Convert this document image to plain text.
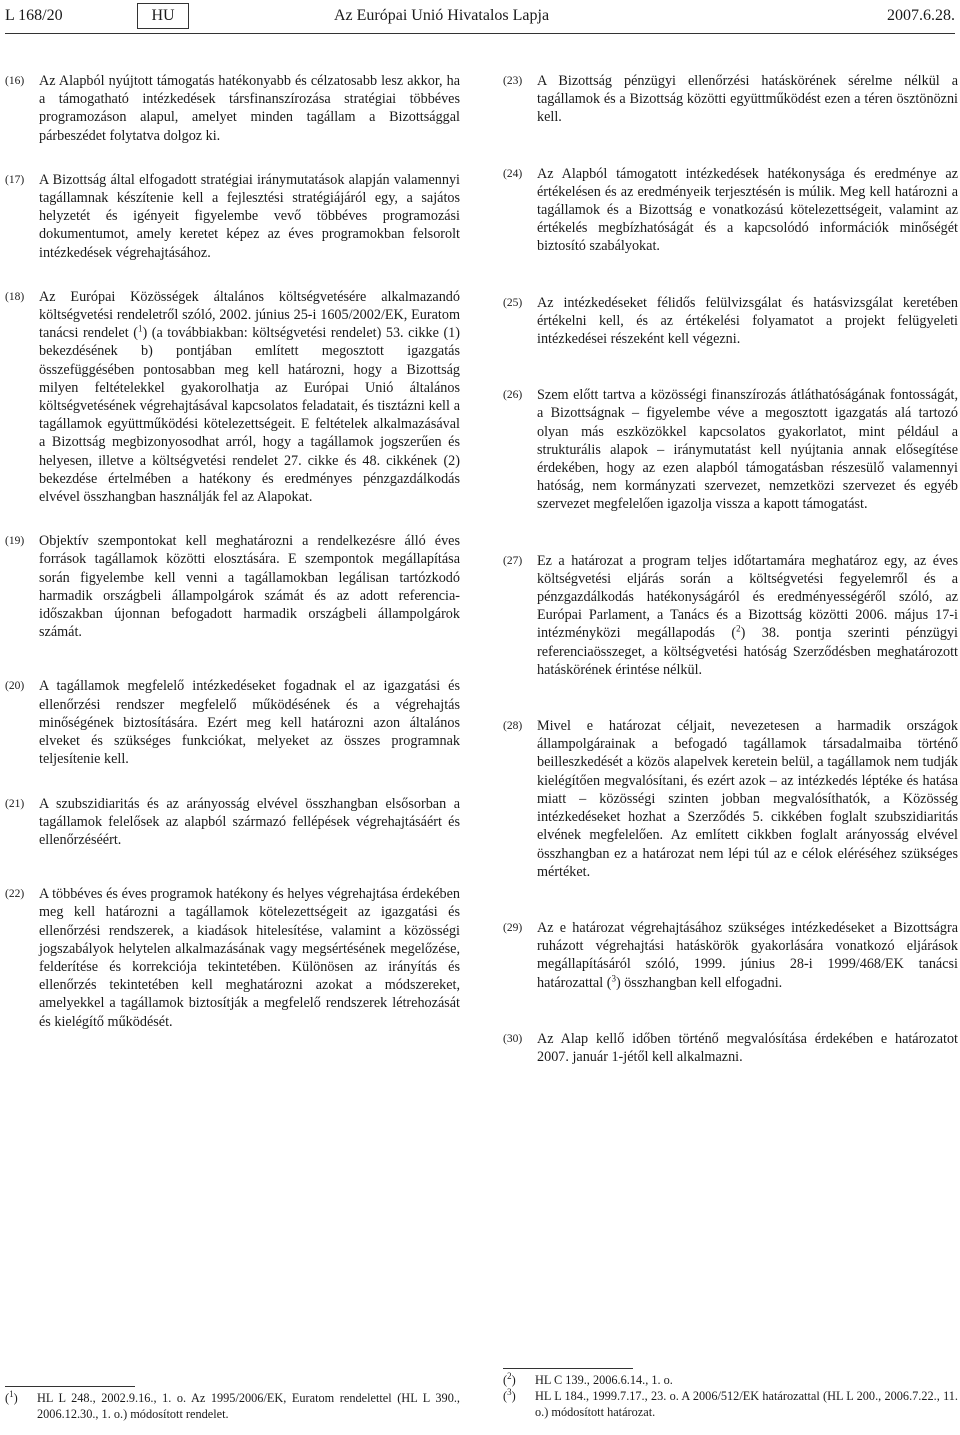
L 168/20	HU	Az Európai Unió Hivatalos Lapja	2007.6.28.
(16) Az Alapból nyújtott támogatás hatékonyabb és célzatosabb lesz akkor, ha a támogatható intézkedések társfinanszírozása stratégiai többéves programozáson alapul, amelyet minden tagállam a Bizottsággal párbeszédet folytatva dolgoz ki.
(17) A Bizottság által elfogadott stratégiai iránymutatások alapján valamennyi tagállamnak készítenie kell a fejlesztési stratégiájáról egy, a sajátos helyzetét és igényeit figyelembe vevő többéves programozási dokumentumot, amely keretet képez az éves programokban felsorolt intézkedések végrehajtásához.
(18) Az Európai Közösségek általános költségvetésére alkalmazandó költségvetési rendeletről szóló, 2002. június 25-i 1605/2002/EK, Euratom tanácsi rendelet ($^1$) (a továbbiakban: költségvetési rendelet) 53. cikke (1) bekezdésének b) pontjában említett megosztott igazgatás összefüggésében pontosabban meg kell határozni, hogy a Bizottság milyen feltételekkel gyakorolhatja az Európai Unió általános költségvetésének végrehajtásával kapcsolatos feladatait, és tisztázni kell a tagállamok együttműködési kötelezettségeit. E feltételek alkalmazásával a Bizottság megbizonyosodhat arról, hogy a tagállamok jogszerűen és helyesen, illetve a költségvetési rendelet 27. cikke és 48. cikkének (2) bekezdése értelmében a hatékony és eredményes pénzgazdálkodás elvével összhangban használják fel az Alapokat.
(19) Objektív szempontokat kell meghatározni a rendelkezésre álló éves források tagállamok közötti elosztására. E szempontok megállapítása során figyelembe kell venni a tagállamokban legálisan tartózkodó harmadik országbeli állampolgárok számát és az adott referencia-időszakban újonnan befogadott harmadik országbeli állampolgárok számát.
(20) A tagállamok megfelelő intézkedéseket fogadnak el az igazgatási és ellenőrzési rendszer megfelelő működésének és a végrehajtás minőségének biztosítására. Ezért meg kell határozni azon általános elveket és szükséges funkciókat, melyeket az összes programnak teljesítenie kell.
(21) A szubszidiaritás és az arányosság elvével összhangban elsősorban a tagállamok felelősek az alapból származó fellépések végrehajtásáért és ellenőrzéséért.
(22) A többéves és éves programok hatékony és helyes végrehajtása érdekében meg kell határozni a tagállamok kötelezettségeit az igazgatási és ellenőrzési rendszerek, a kiadások hitelesítése, valamint a közösségi jogszabályok helytelen alkalmazásának vagy megsértésének megelőzése, felderítése és korrekciója tekintetében. Különösen az irányítás és ellenőrzés tekintetében kell meghatározni azokat a módszereket, amelyekkel a tagállamok biztosítják a megfelelő rendszerek létrehozását és kielégítő működését.
(23) A Bizottság pénzügyi ellenőrzési hatáskörének sérelme nélkül a tagállamok és a Bizottság közötti együttműködést ezen a téren ösztönözni kell.
(24) Az Alapból támogatott intézkedések hatékonysága és eredménye az értékelésen és az eredményeik terjesztésén is múlik. Meg kell határozni a tagállamok és a Bizottság e vonatkozású kötelezettségeit, valamint az értékelés megbízhatóságát és a kapcsolódó információk minőségét biztosító szabályokat.
(25) Az intézkedéseket félidős felülvizsgálat és hatásvizsgálat keretében értékelni kell, és az értékelési folyamatot a projekt felügyeleti intézkedései részeként kell végezni.
(26) Szem előtt tartva a közösségi finanszírozás átláthatóságának fontosságát, a Bizottságnak – figyelembe véve a megosztott igazgatás alá tartozó olyan más eszközökkel kapcsolatos gyakorlatot, mint például a strukturális alapok – iránymutatást kell nyújtania annak elősegítése érdekében, hogy az ezen alapból támogatásban részesülő valamennyi hatóság, nem kormányzati szervezet, nemzetközi szervezet és egyéb szervezet megfelelően igazolja vissza a kapott támogatást.
(27) Ez a határozat a program teljes időtartamára meghatároz egy, az éves költségvetési eljárás során a költségvetési fegyelemről és a pénzgazdálkodás hatékonyságáról és eredményességéről szóló, az Európai Parlament, a Tanács és a Bizottság közötti 2006. május 17-i intézményközi megállapodás ($^2$) 38. pontja szerinti pénzügyi referenciaösszeget, a költségvetési hatóság Szerződésben meghatározott hatáskörének érintése nélkül.
(28) Mivel e határozat céljait, nevezetesen a harmadik országok állampolgárainak a befogadó tagállamok társadalmaiba történő beilleszkedését a közös alapelvek keretein belül, a tagállamok nem tudják kielégítően megvalósítani, és ezért azok – az intézkedés léptéke és hatása miatt – közösségi szinten jobban megvalósíthatók, a Közösség intézkedéseket hozhat a Szerződés 5. cikkében foglalt szubszidiaritás elvének megfelelően. Az említett cikkben foglalt arányosság elvével összhangban ez a határozat nem lépi túl az e célok eléréséhez szükséges mértéket.
(29) Az e határozat végrehajtásához szükséges intézkedéseket a Bizottságra ruházott végrehajtási hatáskörök gyakorlására vonatkozó eljárások megállapításáról szóló, 1999. június 28-i 1999/468/EK tanácsi határozattal ($^3$) összhangban kell elfogadni.
(30) Az Alap kellő időben történő megvalósítása érdekében e határozatot 2007. január 1-jétől kell alkalmazni.
($^1$) HL L 248., 2002.9.16., 1. o. Az 1995/2006/EK, Euratom rendelettel (HL L 390., 2006.12.30., 1. o.) módosított rendelet.
($^2$) HL C 139., 2006.6.14., 1. o.
($^3$) HL L 184., 1999.7.17., 23. o. A 2006/512/EK határozattal (HL L 200., 2006.7.22., 11. o.) módosított határozat.
